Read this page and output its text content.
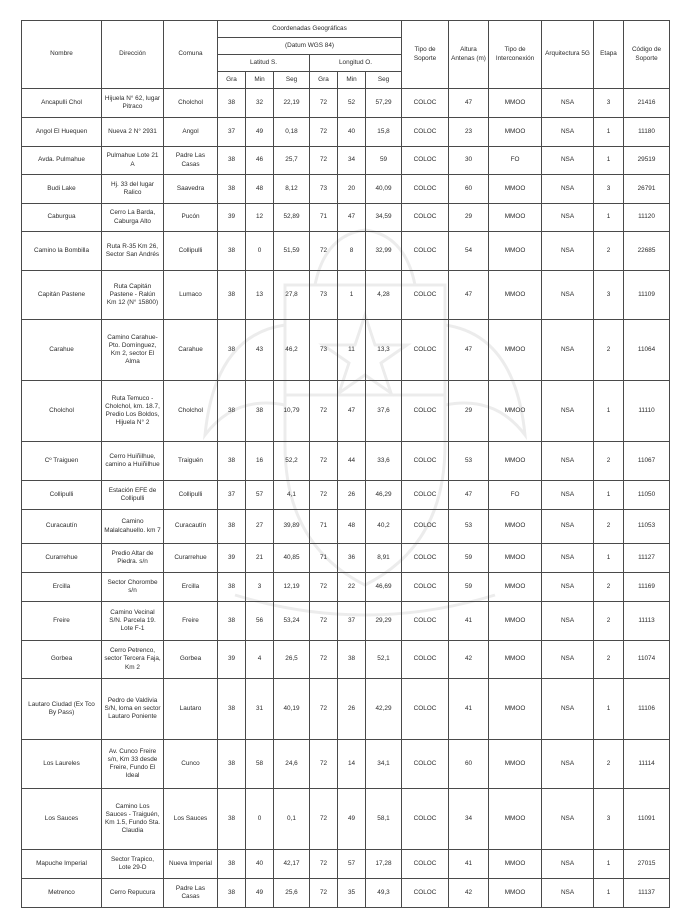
Nombre	Dirección	Comuna	Coordenadas Geográficas						Tipo de Soporte	Altura Antenas (m)	Tipo de Interconexión	Arquitectura 5G	Etapa	Código de Soporte
			(Datum WGS 84)											
			Latitud S.			Longitud O.								
			Gra	Min	Seg	Gra	Min	Seg						
Ancapulli Chol	Hijuela N° 62, lugar Pitraco	Cholchol	38	32	22,19	72	52	57,29	COLOC	47	MMOO	NSA	3	21416
Angol El Huequen	Nueva 2 N° 2931	Angol	37	49	0,18	72	40	15,8	COLOC	23	MMOO	NSA	1	11180
Avda. Pulmahue	Pulmahue Lote 21 A	Padre Las Casas	38	46	25,7	72	34	59	COLOC	30	FO	NSA	1	29519
Budi Lake	Hj. 33 del lugar Ralico	Saavedra	38	48	8,12	73	20	40,09	COLOC	60	MMOO	NSA	3	26791
Caburgua	Cerro La Barda, Caburga Alto	Pucón	39	12	52,89	71	47	34,59	COLOC	29	MMOO	NSA	1	11120
Camino la Bombilla	Ruta R-35 Km 26, Sector San Andrés	Collipulli	38	0	51,59	72	8	32,99	COLOC	54	MMOO	NSA	2	22685
Capitán Pastene	Ruta Capitán Pastene - Ralún Km 12 (N° 15800)	Lumaco	38	13	27,8	73	1	4,28	COLOC	47	MMOO	NSA	3	11109
Carahue	Camino Carahue- Pto. Domínguez, Km 2, sector El Alma	Carahue	38	43	46,2	73	11	13,3	COLOC	47	MMOO	NSA	2	11064
Cholchol	Ruta Temuco - Cholchol, km. 18.7, Predio Los Boldos, Hijuela N° 2	Cholchol	38	38	10,79	72	47	37,6	COLOC	29	MMOO	NSA	1	11110
Cº Traiguen	Cerro Huiñilhue, camino a Huiñilhue	Traiguén	38	16	52,2	72	44	33,6	COLOC	53	MMOO	NSA	2	11067
Collipulli	Estación EFE de Collipulli	Collipulli	37	57	4,1	72	26	46,29	COLOC	47	FO	NSA	1	11050
Curacautín	Camino Malalcahuello. km 7	Curacautín	38	27	39,89	71	48	40,2	COLOC	53	MMOO	NSA	2	11053
Curarrehue	Predio Altar de Piedra. s/n	Curarrehue	39	21	40,85	71	36	8,91	COLOC	59	MMOO	NSA	1	11127
Ercilla	Sector Chorombe s/n	Ercilla	38	3	12,19	72	22	46,69	COLOC	59	MMOO	NSA	2	11169
Freire	Camino Vecinal S/N. Parcela 19. Lote F-1	Freire	38	56	53,24	72	37	29,29	COLOC	41	MMOO	NSA	2	11113
Gorbea	Cerro Petrenco, sector Tercera Faja, Km 2	Gorbea	39	4	26,5	72	38	52,1	COLOC	42	MMOO	NSA	2	11074
Lautaro Ciudad (Ex Tco By Pass)	Pedro de Valdivia S/N, loma en sector Lautaro Poniente	Lautaro	38	31	40,19	72	26	42,29	COLOC	41	MMOO	NSA	1	11106
Los Laureles	Av. Cunco Freire s/n, Km 33 desde Freire, Fundo El Ideal	Cunco	38	58	24,6	72	14	34,1	COLOC	60	MMOO	NSA	2	11114
Los Sauces	Camino Los Sauces - Traiguén, Km 1.5, Fundo Sta. Claudia	Los Sauces	38	0	0,1	72	49	58,1	COLOC	34	MMOO	NSA	3	11091
Mapuche Imperial	Sector Trapico, Lote 29-D	Nueva Imperial	38	40	42,17	72	57	17,28	COLOC	41	MMOO	NSA	1	27015
Metrenco	Cerro Repucura	Padre Las Casas	38	49	25,6	72	35	49,3	COLOC	42	MMOO	NSA	1	11137
